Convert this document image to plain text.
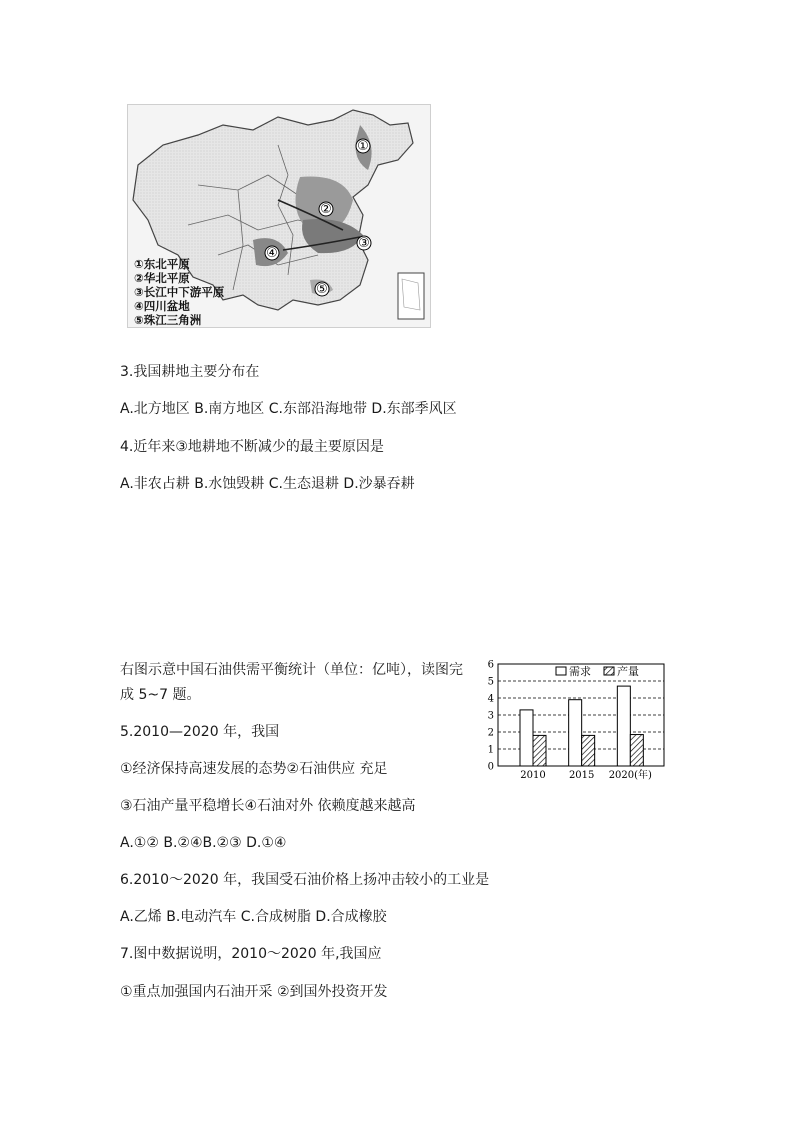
①
②
③
④
⑤
①东北平原
②华北平原
③长江中下游平原
④四川盆地
⑤珠江三角洲
3.我国耕地主要分布在
A.北方地区 B.南方地区 C.东部沿海地带 D.东部季风区
4.近年来③地耕地不断减少的最主要原因是
A.非农占耕 B.水蚀毁耕 C.生态退耕 D.沙暴吞耕
右图示意中国石油供需平衡统计（单位：亿吨），读图完
成 5~7 题。
0
1
2
3
4
5
6
2010 2015 2020(年)
需求 产量
5.2010—2020 年，我国
①经济保持高速发展的态势②石油供应 充足
③石油产量平稳增长④石油对外 依赖度越来越高
A.①② B.②④B.②③ D.①④
6.2010～2020 年，我国受石油价格上扬冲击较小的工业是
A.乙烯 B.电动汽车 C.合成树脂 D.合成橡胶
7.图中数据说明，2010～2020 年,我国应
①重点加强国内石油开采 ②到国外投资开发
